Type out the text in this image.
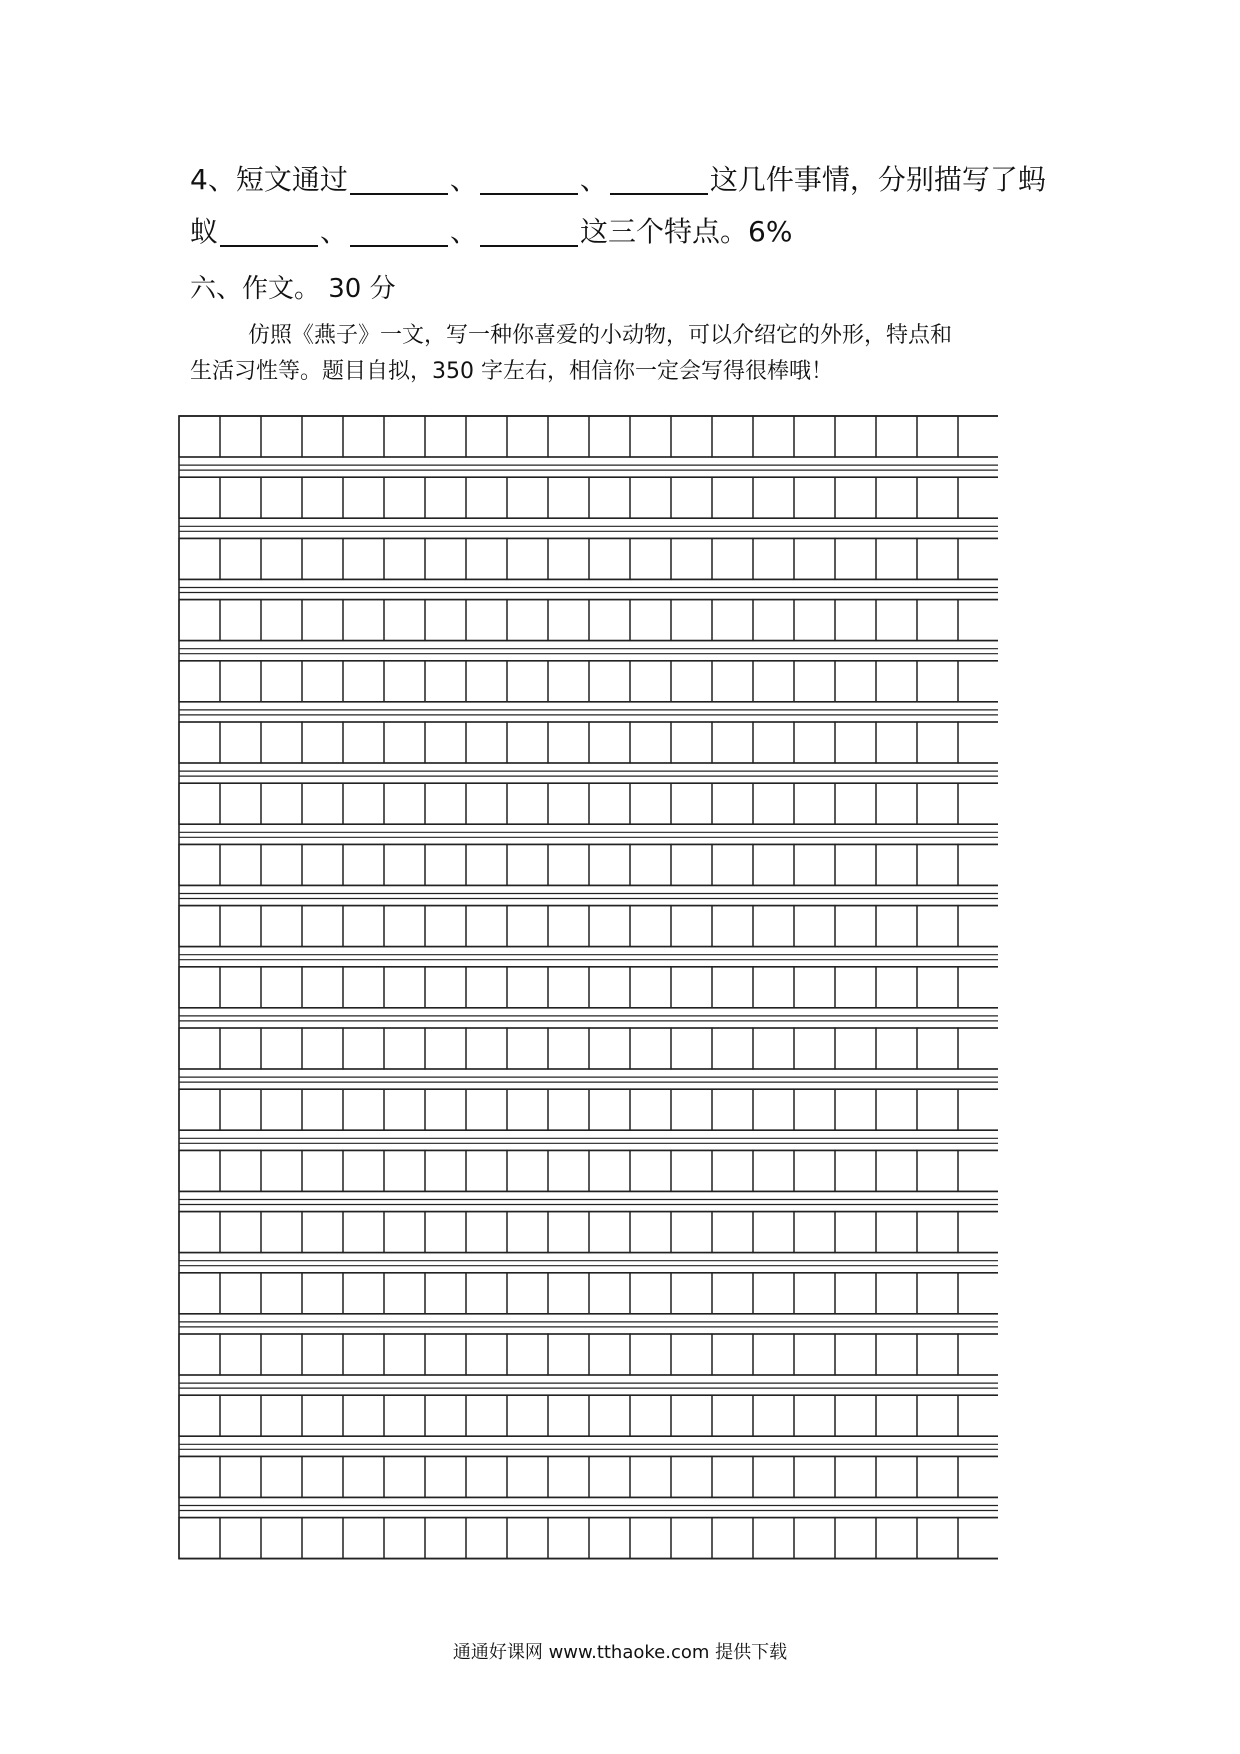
4、短文通过	、	、	这几件事情，分别描写了蚂
蚁	、	、	这三个特点。6%
六、作文。 30 分
仿照《燕子》一文，写一种你喜爱的小动物，可以介绍它的外形，特点和
生活习性等。题目自拟，350 字左右，相信你一定会写得很棒哦！
通通好课网 www.tthaoke.com 提供下载
